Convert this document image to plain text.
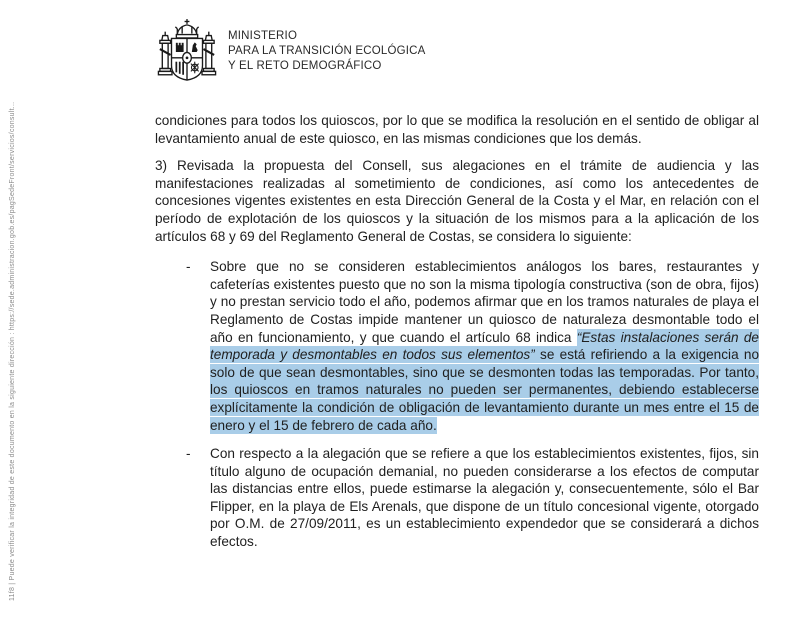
11f8 | Puede verificar la integridad de este documento en la siguiente dirección : https://sede.administracion.gob.es/pagSedeFront/servicios/consult...
MINISTERIO
PARA LA TRANSICIÓN ECOLÓGICA
Y EL RETO DEMOGRÁFICO

condiciones para todos los quioscos, por lo que se modifica la resolución en el sentido de obligar al levantamiento anual de este quiosco, en las mismas condiciones que los demás.

3) Revisada la propuesta del Consell, sus alegaciones en el trámite de audiencia y las manifestaciones realizadas al sometimiento de condiciones, así como los antecedentes de concesiones vigentes existentes en esta Dirección General de la Costa y el Mar, en relación con el período de explotación de los quioscos y la situación de los mismos para a la aplicación de los artículos 68 y 69 del Reglamento General de Costas, se considera lo siguiente:

- Sobre que no se consideren establecimientos análogos los bares, restaurantes y cafeterías existentes puesto que no son la misma tipología constructiva (son de obra, fijos) y no prestan servicio todo el año, podemos afirmar que en los tramos naturales de playa el Reglamento de Costas impide mantener un quiosco de naturaleza desmontable todo el año en funcionamiento, y que cuando el artículo 68 indica “Estas instalaciones serán de temporada y desmontables en todos sus elementos” se está refiriendo a la exigencia no solo de que sean desmontables, sino que se desmonten todas las temporadas. Por tanto, los quioscos en tramos naturales no pueden ser permanentes, debiendo establecerse explícitamente la condición de obligación de levantamiento durante un mes entre el 15 de enero y el 15 de febrero de cada año.
- Con respecto a la alegación que se refiere a que los establecimientos existentes, fijos, sin título alguno de ocupación demanial, no pueden considerarse a los efectos de computar las distancias entre ellos, puede estimarse la alegación y, consecuentemente, sólo el Bar Flipper, en la playa de Els Arenals, que dispone de un título concesional vigente, otorgado por O.M. de 27/09/2011, es un establecimiento expendedor que se considerará a dichos efectos.
